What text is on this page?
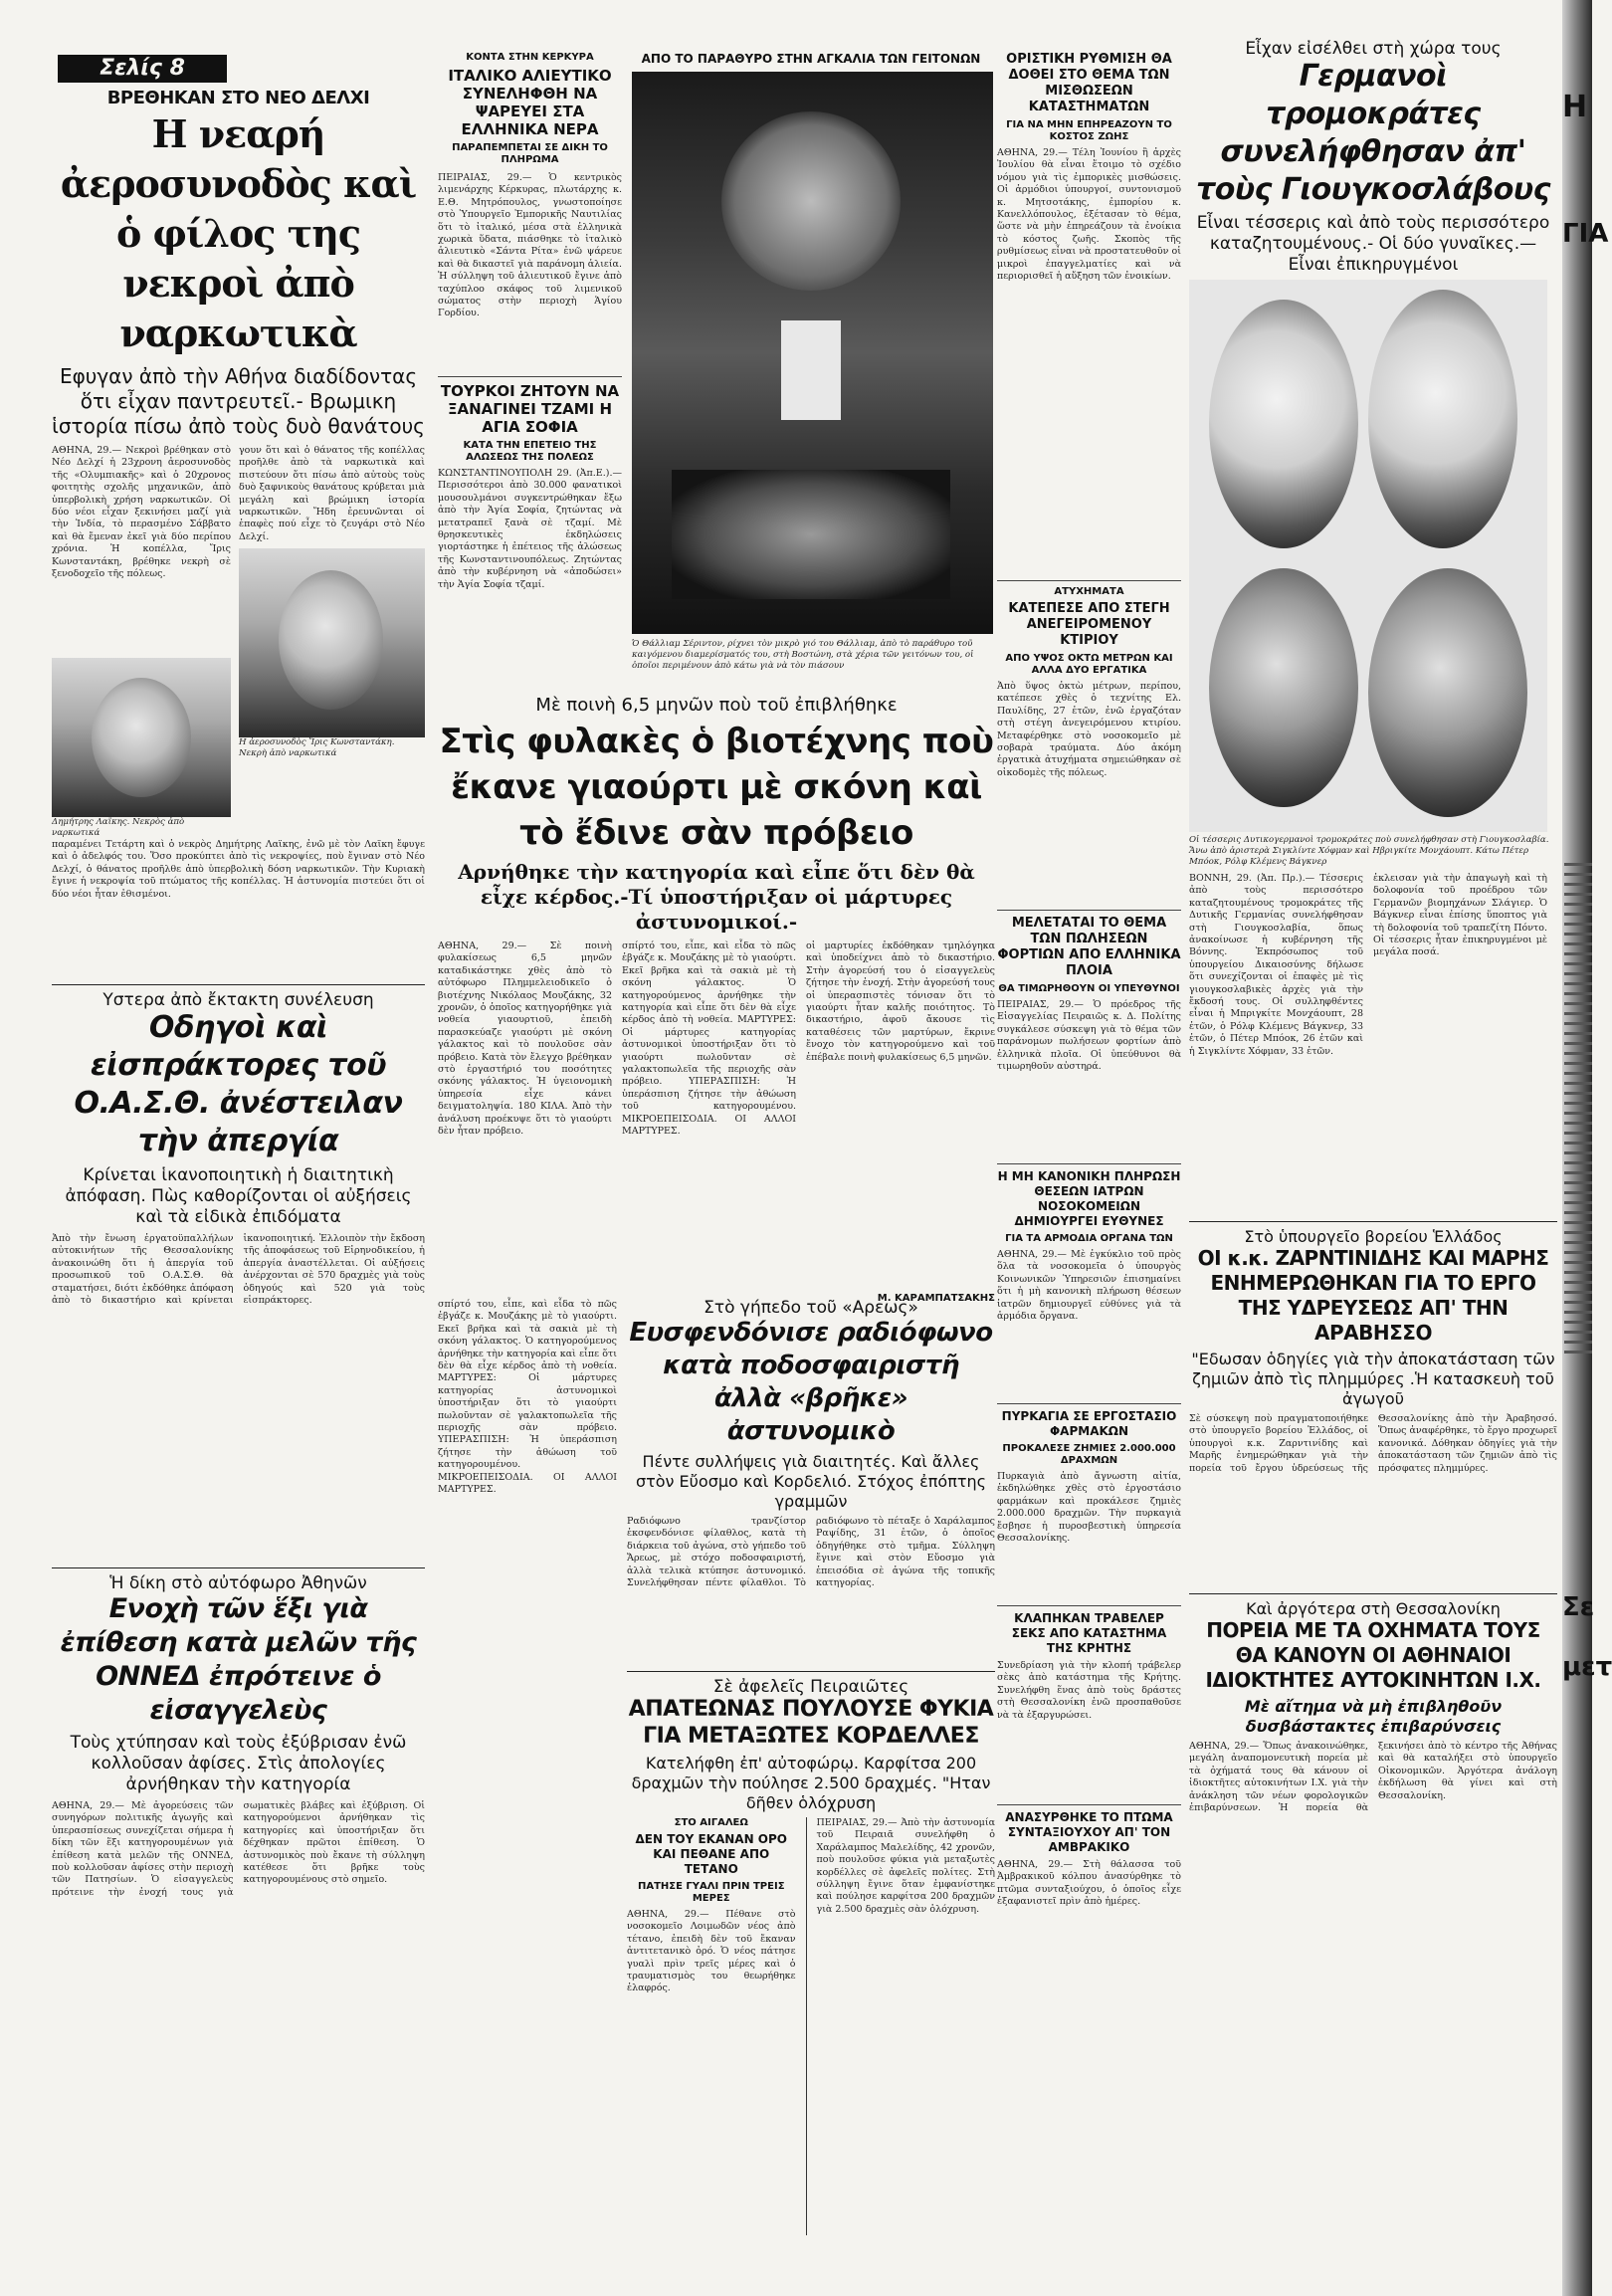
Σελίς 8
ΒΡΕΘΗΚΑΝ ΣΤΟ ΝΕΟ ΔΕΛΧΙ
Η νεαρή ἀεροσυνοδὸς καὶ ὁ φίλος της νεκροὶ ἀπὸ ναρκωτικὰ
Εφυγαν ἀπὸ τὴν Αθήνα διαδίδοντας ὅτι εἶχαν παντρευτεῖ.- Βρωμικη ἱστορία πίσω ἀπὸ τοὺς δυὸ θανάτους

ΑΘΗΝΑ, 29.— Νεκροὶ βρέθηκαν στὸ Νέο Δελχί ἡ 23χρονη ἀεροσυνοδὸς τῆς «Ολυμπιακῆς» καὶ ὁ 20χρονος φοιτητὴς σχολῆς μηχανικῶν, ἀπὸ ὑπερβολικὴ χρήση ναρκωτικῶν. Οἱ δύο νέοι εἶχαν ξεκινήσει μαζί γιὰ τὴν Ἰνδία, τὸ περασμένο Σάββατο καὶ θὰ ἔμεναν ἐκεῖ γιὰ δύο περίπου χρόνια. Ἡ κοπέλλα, Ἴρις Κωνσταντάκη, βρέθηκε νεκρὴ σὲ ξενοδοχεῖο τῆς πόλεως.

Δημήτρης Λαϊκης. Νεκρὸς ἀπὸ ναρκωτικά

γουν ὅτι καὶ ὁ θάνατος τῆς κοπέλλας προῆλθε ἀπὸ τὰ ναρκωτικὰ καὶ πιστεύουν ὅτι πίσω ἀπὸ αὐτοὺς τοὺς δυὸ ξαφνικοὺς θανάτους κρύβεται μιὰ μεγάλη καὶ βρώμικη ἱστορία ναρκωτικῶν. Ἤδη ἐρευνῶνται οἱ ἐπαφὲς πού εἶχε τὸ ζευγάρι στὸ Νέο Δελχί.

Η ἀεροσυνοδὸς Ἴρις Κωνσταντάκη. Νεκρὴ ἀπὸ ναρκωτικά

παραμένει Τετάρτη καὶ ὁ νεκρὸς Δημήτρης Λαϊκης, ἐνῶ μὲ τὸν Λαϊκη ἔφυγε καὶ ὁ ἀδελφός του. Ὅσο προκύπτει ἀπὸ τὶς νεκροψίες, ποὺ ἔγιναν στὸ Νέο Δελχί, ὁ θάνατος προῆλθε ἀπὸ ὑπερβολικὴ δόση ναρκωτικῶν. Τὴν Κυριακὴ ἔγινε ἡ νεκροψία τοῦ πτώματος τῆς κοπέλλας. Ἡ ἀστυνομία πιστεύει ὅτι οἱ δύο νέοι ἦταν ἐθισμένοι.

Υστερα ἀπὸ ἔκτακτη συνέλευση
Οδηγοὶ καὶ εἰσπράκτορες τοῦ Ο.Α.Σ.Θ. ἀνέστειλαν τὴν ἀπεργία
Κρίνεται ἱκανοποιητικὴ ἡ διαιτητικὴ ἀπόφαση. Πὼς καθορίζονται οἱ αὐξήσεις καὶ τὰ εἰδικὰ ἐπιδόματα

Ἀπὸ τὴν ἔνωση ἐργατοϋπαλλήλων αὐτοκινήτων τῆς Θεσσαλονίκης ἀνακοινώθη ὅτι ἡ ἀπεργία τοῦ προσωπικοῦ τοῦ Ο.Α.Σ.Θ. θὰ σταματήσει, διότι ἐκδόθηκε ἀπόφαση ἀπὸ τὸ δικαστήριο καὶ κρίνεται ἱκανοποιητική. Ἐλλοιπὸν τὴν ἔκδοση τῆς ἀποφάσεως τοῦ Εἰρηνοδικείου, ἡ ἀπεργία ἀναστέλλεται. Οἱ αὐξήσεις ἀνέρχονται σὲ 570 δραχμὲς γιὰ τοὺς ὁδηγούς καὶ 520 γιὰ τοὺς εἰσπράκτορες.

Ἡ δίκη στὸ αὐτόφωρο Ἀθηνῶν
Ενοχὴ τῶν ἕξι γιὰ ἐπίθεση κατὰ μελῶν τῆς ΟΝΝΕΔ ἐπρότεινε ὁ εἰσαγγελεὺς
Τοὺς χτύπησαν καὶ τοὺς ἐξύβρισαν ἐνῶ κολλοῦσαν ἀφίσες. Στὶς ἀπολογίες ἀρνήθηκαν τὴν κατηγορία

ΑΘΗΝΑ, 29.— Μὲ ἀγορεύσεις τῶν συνηγόρων πολιτικῆς ἀγωγῆς καὶ ὑπερασπίσεως συνεχίζεται σήμερα ἡ δίκη τῶν ἕξι κατηγορουμένων γιὰ ἐπίθεση κατὰ μελῶν τῆς ΟΝΝΕΔ, ποὺ κολλοῦσαν ἀφίσες στὴν περιοχὴ τῶν Πατησίων. Ὁ εἰσαγγελεὺς πρότεινε τὴν ἐνοχή τους γιὰ σωματικὲς βλάβες καὶ ἐξύβριση. Οἱ κατηγορούμενοι ἀρνήθηκαν τὶς κατηγορίες καὶ ὑποστήριξαν ὅτι δέχθηκαν πρῶτοι ἐπίθεση. Ὁ ἀστυνομικὸς ποὺ ἔκανε τὴ σύλληψη κατέθεσε ὅτι βρῆκε τοὺς κατηγορουμένους στὸ σημεῖο.

ΚΟΝΤΑ ΣΤΗΝ ΚΕΡΚΥΡΑ
ΙΤΑΛΙΚΟ ΑΛΙΕΥΤΙΚΟ ΣΥΝΕΛΗΦΘΗ ΝΑ ΨΑΡΕΥΕΙ ΣΤΑ ΕΛΛΗΝΙΚΑ ΝΕΡΑ
ΠΑΡΑΠΕΜΠΕΤΑΙ ΣΕ ΔΙΚΗ ΤΟ ΠΛΗΡΩΜΑ

ΠΕΙΡΑΙΑΣ, 29.— Ὁ κεντρικὸς λιμενάρχης Κέρκυρας, πλωτάρχης κ. Ε.Θ. Μητρόπουλος, γνωστοποίησε στὸ Ὑπουργεῖο Ἐμπορικῆς Ναυτιλίας ὅτι τὸ ἰταλικό, μέσα στὰ ἑλληνικὰ χωρικὰ ὕδατα, πιάσθηκε τὸ ἰταλικὸ ἁλιευτικὸ «Σάντα Ρίτα» ἐνῶ ψάρευε καὶ θὰ δικαστεῖ γιὰ παράνομη ἁλιεία. Ἡ σύλληψη τοῦ ἁλιευτικοῦ ἔγινε ἀπὸ ταχύπλοο σκάφος τοῦ λιμενικοῦ σώματος στὴν περιοχὴ Ἁγίου Γορδίου.

ΤΟΥΡΚΟΙ ΖΗΤΟΥΝ ΝΑ ΞΑΝΑΓΙΝΕΙ ΤΖΑΜΙ Η ΑΓΙΑ ΣΟΦΙΑ
ΚΑΤΑ ΤΗΝ ΕΠΕΤΕΙΟ ΤΗΣ ΑΛΩΣΕΩΣ ΤΗΣ ΠΟΛΕΩΣ

ΚΩΝΣΤΑΝΤΙΝΟΥΠΟΛΗ 29. (Ἀπ.Ε.).— Περισσότεροι ἀπὸ 30.000 φανατικοὶ μουσουλμάνοι συγκεντρώθηκαν ἔξω ἀπὸ τὴν Ἁγία Σοφία, ζητώντας νὰ μετατραπεῖ ξανὰ σὲ τζαμί. Μὲ θρησκευτικὲς ἐκδηλώσεις γιορτάστηκε ἡ ἐπέτειος τῆς ἁλώσεως τῆς Κωνσταντινουπόλεως. Ζητώντας ἀπὸ τὴν κυβέρνηση νὰ «ἀποδώσει» τὴν Ἁγία Σοφία τζαμί.

ΑΠΟ ΤΟ ΠΑΡΑΘΥΡΟ ΣΤΗΝ ΑΓΚΑΛΙΑ ΤΩΝ ΓΕΙΤΟΝΩΝ
Ὁ Θάλλιαμ Σέριντον, ρίχνει τὸν μικρὸ γιό του Θάλλιαμ, ἀπὸ τὸ παράθυρο τοῦ καιγόμενου διαμερίσματός του, στὴ Βοστώνη, στὰ χέρια τῶν γειτόνων του, οἱ ὁποῖοι περιμένουν ἀπὸ κάτω γιὰ νὰ τὸν πιάσουν
ΟΡΙΣΤΙΚΗ ΡΥΘΜΙΣΗ ΘΑ ΔΟΘΕΙ ΣΤΟ ΘΕΜΑ ΤΩΝ ΜΙΣΘΩΣΕΩΝ ΚΑΤΑΣΤΗΜΑΤΩΝ
ΓΙΑ ΝΑ ΜΗΝ ΕΠΗΡΕΑΖΟΥΝ ΤΟ ΚΟΣΤΟΣ ΖΩΗΣ

ΑΘΗΝΑ, 29.— Τέλη Ἰουνίου ἢ ἀρχὲς Ἰουλίου θὰ εἶναι ἕτοιμο τὸ σχέδιο νόμου γιὰ τὶς ἐμπορικὲς μισθώσεις. Οἱ ἁρμόδιοι ὑπουργοί, συντονισμοῦ κ. Μητσοτάκης, ἐμπορίου κ. Κανελλόπουλος, ἐξέτασαν τὸ θέμα, ὥστε νὰ μὴν ἐπηρεάζουν τὰ ἐνοίκια τὸ κόστος ζωῆς. Σκοπὸς τῆς ρυθμίσεως εἶναι νὰ προστατευθοῦν οἱ μικροὶ ἐπαγγελματίες καὶ νὰ περιορισθεῖ ἡ αὔξηση τῶν ἐνοικίων.

ΑΤΥΧΗΜΑΤΑ
ΚΑΤΕΠΕΣΕ ΑΠΟ ΣΤΕΓΗ ΑΝΕΓΕΙΡΟΜΕΝΟΥ ΚΤΙΡΙΟΥ
ΑΠΟ ΥΨΟΣ ΟΚΤΩ ΜΕΤΡΩΝ ΚΑΙ ΑΛΛΑ ΔΥΟ ΕΡΓΑΤΙΚΑ

Ἀπὸ ὕψος ὀκτὼ μέτρων, περίπου, κατέπεσε χθὲς ὁ τεχνίτης Ελ. Παυλίδης, 27 ἐτῶν, ἐνῶ ἐργαζόταν στὴ στέγη ἀνεγειρόμενου κτιρίου. Μεταφέρθηκε στὸ νοσοκομεῖο μὲ σοβαρὰ τραύματα. Δύο ἀκόμη ἐργατικὰ ἀτυχήματα σημειώθηκαν σὲ οἰκοδομὲς τῆς πόλεως.

ΜΕΛΕΤΑΤΑΙ ΤΟ ΘΕΜΑ ΤΩΝ ΠΩΛΗΣΕΩΝ ΦΟΡΤΙΩΝ ΑΠΟ ΕΛΛΗΝΙΚΑ ΠΛΟΙΑ
ΘΑ ΤΙΜΩΡΗΘΟΥΝ ΟΙ ΥΠΕΥΘΥΝΟΙ

ΠΕΙΡΑΙΑΣ, 29.— Ὁ πρόεδρος τῆς Εἰσαγγελίας Πειραιῶς κ. Δ. Πολίτης συγκάλεσε σύσκεψη γιὰ τὸ θέμα τῶν παράνομων πωλήσεων φορτίων ἀπὸ ἑλληνικὰ πλοῖα. Οἱ ὑπεύθυνοι θὰ τιμωρηθοῦν αὐστηρά.

Η ΜΗ ΚΑΝΟΝΙΚΗ ΠΛΗΡΩΣΗ ΘΕΣΕΩΝ ΙΑΤΡΩΝ ΝΟΣΟΚΟΜΕΙΩΝ ΔΗΜΙΟΥΡΓΕΙ ΕΥΘΥΝΕΣ
ΓΙΑ ΤΑ ΑΡΜΟΔΙΑ ΟΡΓΑΝΑ ΤΩΝ

ΑΘΗΝΑ, 29.— Μὲ ἐγκύκλιο τοῦ πρὸς ὅλα τὰ νοσοκομεῖα ὁ ὑπουργὸς Κοινωνικῶν Ὑπηρεσιῶν ἐπισημαίνει ὅτι ἡ μὴ κανονικὴ πλήρωση θέσεων ἰατρῶν δημιουργεῖ εὐθύνες γιὰ τὰ ἁρμόδια ὄργανα.

ΠΥΡΚΑΓΙΑ ΣΕ ΕΡΓΟΣΤΑΣΙΟ ΦΑΡΜΑΚΩΝ
ΠΡΟΚΑΛΕΣΕ ΖΗΜΙΕΣ 2.000.000 ΔΡΑΧΜΩΝ

Πυρκαγιὰ ἀπὸ ἄγνωστη αἰτία, ἐκδηλώθηκε χθὲς στὸ ἐργοστάσιο φαρμάκων καὶ προκάλεσε ζημιὲς 2.000.000 δραχμῶν. Τὴν πυρκαγιὰ ἔσβησε ἡ πυροσβεστικὴ ὑπηρεσία Θεσσαλονίκης.

ΚΛΑΠΗΚΑΝ ΤΡΑΒΕΛΕΡ ΣΕΚΣ ΑΠΟ ΚΑΤΑΣΤΗΜΑ ΤΗΣ ΚΡΗΤΗΣ

Συνεδρίαση γιὰ τὴν κλοπή τράβελερ σὲκς ἀπὸ κατάστημα τῆς Κρήτης. Συνελήφθη ἕνας ἀπὸ τοὺς δράστες στὴ Θεσσαλονίκη ἐνῶ προσπαθοῦσε νὰ τὰ ἐξαργυρώσει.

ΑΝΑΣΥΡΘΗΚΕ ΤΟ ΠΤΩΜΑ ΣΥΝΤΑΞΙΟΥΧΟΥ ΑΠ' ΤΟΝ ΑΜΒΡΑΚΙΚΟ

ΑΘΗΝΑ, 29.— Στὴ θάλασσα τοῦ Ἀμβρακικοῦ κόλπου ἀνασύρθηκε τὸ πτῶμα συνταξιούχου, ὁ ὁποῖος εἶχε ἐξαφανιστεῖ πρὶν ἀπὸ ἡμέρες.

Μὲ ποινὴ 6,5 μηνῶν ποὺ τοῦ ἐπιβλήθηκε
Στὶς φυλακὲς ὁ βιοτέχνης ποὺ ἔκανε γιαούρτι μὲ σκόνη καὶ τὸ ἔδινε σὰν πρόβειο
Αρνήθηκε τὴν κατηγορία καὶ εἶπε ὅτι δὲν θὰ εἶχε κέρδος.-Τί ὑποστήριξαν οἱ μάρτυρες ἀστυνομικοί.-

ΑΘΗΝΑ, 29.— Σὲ ποινὴ φυλακίσεως 6,5 μηνῶν καταδικάστηκε χθὲς ἀπὸ τὸ αὐτόφωρο Πλημμελειοδικεῖο ὁ βιοτέχνης Νικόλαος Μουζάκης, 32 χρονῶν, ὁ ὁποῖος κατηγορήθηκε γιὰ νοθεία γιαουρτιοῦ, ἐπειδὴ παρασκεύαζε γιαούρτι μὲ σκόνη γάλακτος καὶ τὸ πουλοῦσε σὰν πρόβειο. Κατὰ τὸν ἔλεγχο βρέθηκαν στὸ ἐργαστήριό του ποσότητες σκόνης γάλακτος. Ἡ ὑγειονομικὴ ὑπηρεσία εἶχε κάνει δειγματοληψία. 180 ΚΙΛΑ. Ἀπὸ τὴν ἀνάλυση προέκυψε ὅτι τὸ γιαούρτι δὲν ἦταν πρόβειο.

σπίρτό του, εἶπε, καὶ εἶδα τὸ πῶς ἐβγάζε κ. Μουζάκης μὲ τὸ γιαούρτι. Εκεῖ βρῆκα καὶ τὰ σακιὰ μὲ τὴ σκόνη γάλακτος. Ὁ κατηγορούμενος ἀρνήθηκε τὴν κατηγορία καὶ εἶπε ὅτι δὲν θὰ εἶχε κέρδος ἀπὸ τὴ νοθεία. ΜΑΡΤΥΡΕΣ: Οἱ μάρτυρες κατηγορίας ἀστυνομικοὶ ὑποστήριξαν ὅτι τὸ γιαούρτι πωλοῦνταν σὲ γαλακτοπωλεῖα τῆς περιοχῆς σὰν πρόβειο. ΥΠΕΡΑΣΠΙΣΗ: Ἡ ὑπεράσπιση ζήτησε τὴν ἀθώωση τοῦ κατηγορουμένου. ΜΙΚΡΟΕΠΕΙΣΟΔΙΑ. ΟΙ ΑΛΛΟΙ ΜΑΡΤΥΡΕΣ.

οἱ μαρτυρίες ἐκδόθηκαν τμηλόγηκα καὶ ὑποδείχνει ἀπὸ τὸ δικαστήριο. Στὴν ἀγορεύσή του ὁ εἰσαγγελεὺς ζήτησε τὴν ἐνοχή. Στὴν ἀγορεύσή τους οἱ ὑπερασπιστὲς τόνισαν ὅτι τὸ γιαούρτι ἦταν καλῆς ποιότητος. Τὸ δικαστήριο, ἀφοῦ ἄκουσε τὶς καταθέσεις τῶν μαρτύρων, ἔκρινε ἔνοχο τὸν κατηγορούμενο καὶ τοῦ ἐπέβαλε ποινὴ φυλακίσεως 6,5 μηνῶν.

Μ. ΚΑΡΑΜΠΑΤΣΑΚΗΣ
Στὸ γήπεδο τοῦ «Αρεως»
Ευσφενδόνισε ραδιόφωνο κατὰ ποδοσφαιριστῆ ἀλλὰ «βρῆκε» ἀστυνομικὸ
Πέντε συλλήψεις γιὰ διαιτητές. Καὶ ἄλλες στὸν Εὔοσμο καὶ Κορδελιό. Στόχος ἐπόπτης γραμμῶν

Ραδιόφωνο τρανζίστορ ἐκσφενδόνισε φίλαθλος, κατὰ τὴ διάρκεια τοῦ ἀγώνα, στὸ γήπεδο τοῦ Ἄρεως, μὲ στόχο ποδοσφαιριστή, ἀλλὰ τελικὰ κτύπησε ἀστυνομικό. Συνελήφθησαν πέντε φίλαθλοι. Τὸ ραδιόφωνο τὸ πέταξε ὁ Χαράλαμπος Ραψίδης, 31 ἐτῶν, ὁ ὁποῖος ὁδηγήθηκε στὸ τμῆμα. Σύλληψη ἔγινε καὶ στὸν Εὔοσμο γιὰ ἐπεισόδια σὲ ἀγώνα τῆς τοπικῆς κατηγορίας.

Σὲ ἀφελεῖς Πειραιῶτες
ΑΠΑΤΕΩΝΑΣ ΠΟΥΛΟΥΣΕ ΦΥΚΙΑ ΓΙΑ ΜΕΤΑΞΩΤΕΣ ΚΟΡΔΕΛΛΕΣ
Κατελήφθη ἐπ' αὐτοφώρῳ. Καρφίτσα 200 δραχμῶν τὴν πούλησε 2.500 δραχμές. "Ηταν δῆθεν ὁλόχρυση
ΣΤΟ ΑΙΓΑΛΕΩ
ΔΕΝ ΤΟΥ ΕΚΑΝΑΝ ΟΡΟ ΚΑΙ ΠΕΘΑΝΕ ΑΠΟ ΤΕΤΑΝΟ
ΠΑΤΗΣΕ ΓΥΑΛΙ ΠΡΙΝ ΤΡΕΙΣ ΜΕΡΕΣ

ΑΘΗΝΑ, 29.— Πέθανε στὸ νοσοκομεῖο Λοιμωδῶν νέος ἀπὸ τέτανο, ἐπειδὴ δὲν τοῦ ἔκαναν ἀντιτετανικὸ ὀρό. Ὁ νέος πάτησε γυαλὶ πρὶν τρεῖς μέρες καὶ ὁ τραυματισμὸς του θεωρήθηκε ἐλαφρός.

ΠΕΙΡΑΙΑΣ, 29.— Ἀπὸ τὴν ἀστυνομία τοῦ Πειραιᾶ συνελήφθη ὁ Χαράλαμπος Μαλελίδης, 42 χρονῶν, ποὺ πουλοῦσε φύκια γιὰ μεταξωτὲς κορδέλλες σὲ ἀφελεῖς πολίτες. Στὴ σύλληψη ἔγινε ὅταν ἐμφανίστηκε καὶ πούλησε καρφίτσα 200 δραχμῶν γιὰ 2.500 δραχμὲς σὰν ὁλόχρυση.

σπίρτό του, εἶπε, καὶ εἶδα τὸ πῶς ἐβγάζε κ. Μουζάκης μὲ τὸ γιαούρτι. Εκεῖ βρῆκα καὶ τὰ σακιὰ μὲ τὴ σκόνη γάλακτος. Ὁ κατηγορούμενος ἀρνήθηκε τὴν κατηγορία καὶ εἶπε ὅτι δὲν θὰ εἶχε κέρδος ἀπὸ τὴ νοθεία. ΜΑΡΤΥΡΕΣ: Οἱ μάρτυρες κατηγορίας ἀστυνομικοὶ ὑποστήριξαν ὅτι τὸ γιαούρτι πωλοῦνταν σὲ γαλακτοπωλεῖα τῆς περιοχῆς σὰν πρόβειο. ΥΠΕΡΑΣΠΙΣΗ: Ἡ ὑπεράσπιση ζήτησε τὴν ἀθώωση τοῦ κατηγορουμένου. ΜΙΚΡΟΕΠΕΙΣΟΔΙΑ. ΟΙ ΑΛΛΟΙ ΜΑΡΤΥΡΕΣ.

Εἶχαν εἰσέλθει στὴ χώρα τους
Γερμανοὶ τρομοκράτες συνελήφθησαν ἀπ' τοὺς Γιουγκοσλάβους
Εἶναι τέσσερις καὶ ἀπὸ τοὺς περισσότερο καταζητουμένους.- Οἱ δύο γυναῖκες.— Εἶναι ἐπικηρυγμένοι
Οἱ τέσσερις Δυτικογερμανοὶ τρομοκράτες ποὺ συνελήφθησαν στὴ Γιουγκοσλαβία. Ἄνω ἀπὸ ἀριστερὰ Σιγκλίντε Χόφμαν καὶ Ηβριγκίτε Μονχάουπτ. Κάτω Πέτερ Μπόοκ, Ρόλφ Κλέμενς Βάγκνερ

ΒΟΝΝΗ, 29. (Ἀπ. Πρ.).— Τέσσερις ἀπὸ τοὺς περισσότερο καταζητουμένους τρομοκράτες τῆς Δυτικῆς Γερμανίας συνελήφθησαν στὴ Γιουγκοσλαβία, ὅπως ἀνακοίνωσε ἡ κυβέρνηση τῆς Βόννης. Ἐκπρόσωπος τοῦ ὑπουργείου Δικαιοσύνης δήλωσε ὅτι συνεχίζονται οἱ ἐπαφὲς μὲ τὶς γιουγκοσλαβικὲς ἀρχὲς γιὰ τὴν ἔκδοσή τους. Οἱ συλληφθέντες εἶναι ἡ Μπριγκίτε Μονχάουπτ, 28 ἐτῶν, ὁ Ρόλφ Κλέμενς Βάγκνερ, 33 ἐτῶν, ὁ Πέτερ Μπόοκ, 26 ἐτῶν καὶ ἡ Σιγκλίντε Χόφμαν, 33 ἐτῶν.

ἐκλεισαν γιὰ τὴν ἀπαγωγὴ καὶ τὴ δολοφονία τοῦ προέδρου τῶν Γερμανῶν βιομηχάνων Σλάγιερ. Ὁ Βάγκνερ εἶναι ἐπίσης ὕποπτος γιὰ τὴ δολοφονία τοῦ τραπεζίτη Πόντο. Οἱ τέσσερις ἦταν ἐπικηρυγμένοι μὲ μεγάλα ποσά.

Στὸ ὑπουργεῖο βορείου Ἑλλάδος
ΟΙ κ.κ. ΖΑΡΝΤΙΝΙΔΗΣ ΚΑΙ ΜΑΡΗΣ ΕΝΗΜΕΡΩΘΗΚΑΝ ΓΙΑ ΤΟ ΕΡΓΟ ΤΗΣ ΥΔΡΕΥΣΕΩΣ ΑΠ' ΤΗΝ ΑΡΑΒΗΣΣΟ
"Εδωσαν ὁδηγίες γιὰ τὴν ἀποκατάσταση τῶν ζημιῶν ἀπὸ τὶς πλημμύρες .Ἡ κατασκευὴ τοῦ ἀγωγοῦ

Σὲ σύσκεψη ποὺ πραγματοποιήθηκε στὸ ὑπουργεῖο βορείου Ἑλλάδος, οἱ ὑπουργοὶ κ.κ. Ζαρντινίδης καὶ Μαρῆς ἐνημερώθηκαν γιὰ τὴν πορεία τοῦ ἔργου ὑδρεύσεως τῆς Θεσσαλονίκης ἀπὸ τὴν Ἀραβησσό. Ὅπως ἀναφέρθηκε, τὸ ἔργο προχωρεῖ κανονικά. Δόθηκαν ὁδηγίες γιὰ τὴν ἀποκατάσταση τῶν ζημιῶν ἀπὸ τὶς πρόσφατες πλημμύρες.

Καὶ ἀργότερα στὴ Θεσσαλονίκη
ΠΟΡΕΙΑ ΜΕ ΤΑ ΟΧΗΜΑΤΑ ΤΟΥΣ ΘΑ ΚΑΝΟΥΝ ΟΙ ΑΘΗΝΑΙΟΙ ΙΔΙΟΚΤΗΤΕΣ ΑΥΤΟΚΙΝΗΤΩΝ Ι.Χ.
Μὲ αἴτημα νὰ μὴ ἐπιβληθοῦν δυσβάστακτες ἐπιβαρύνσεις

ΑΘΗΝΑ, 29.— Ὅπως ἀνακοινώθηκε, μεγάλη ἀναπομονευτικὴ πορεία μὲ τὰ ὀχήματά τους θὰ κάνουν οἱ ἰδιοκτῆτες αὐτοκινήτων Ι.Χ. γιὰ τὴν ἀνάκληση τῶν νέων φορολογικῶν ἐπιβαρύνσεων. Ἡ πορεία θὰ ξεκινήσει ἀπὸ τὸ κέντρο τῆς Ἀθήνας καὶ θὰ καταλήξει στὸ ὑπουργεῖο Οἰκονομικῶν. Ἀργότερα ἀνάλογη ἐκδήλωση θὰ γίνει καὶ στὴ Θεσσαλονίκη.

Η
ΓΙΑ
Σε
μετ
